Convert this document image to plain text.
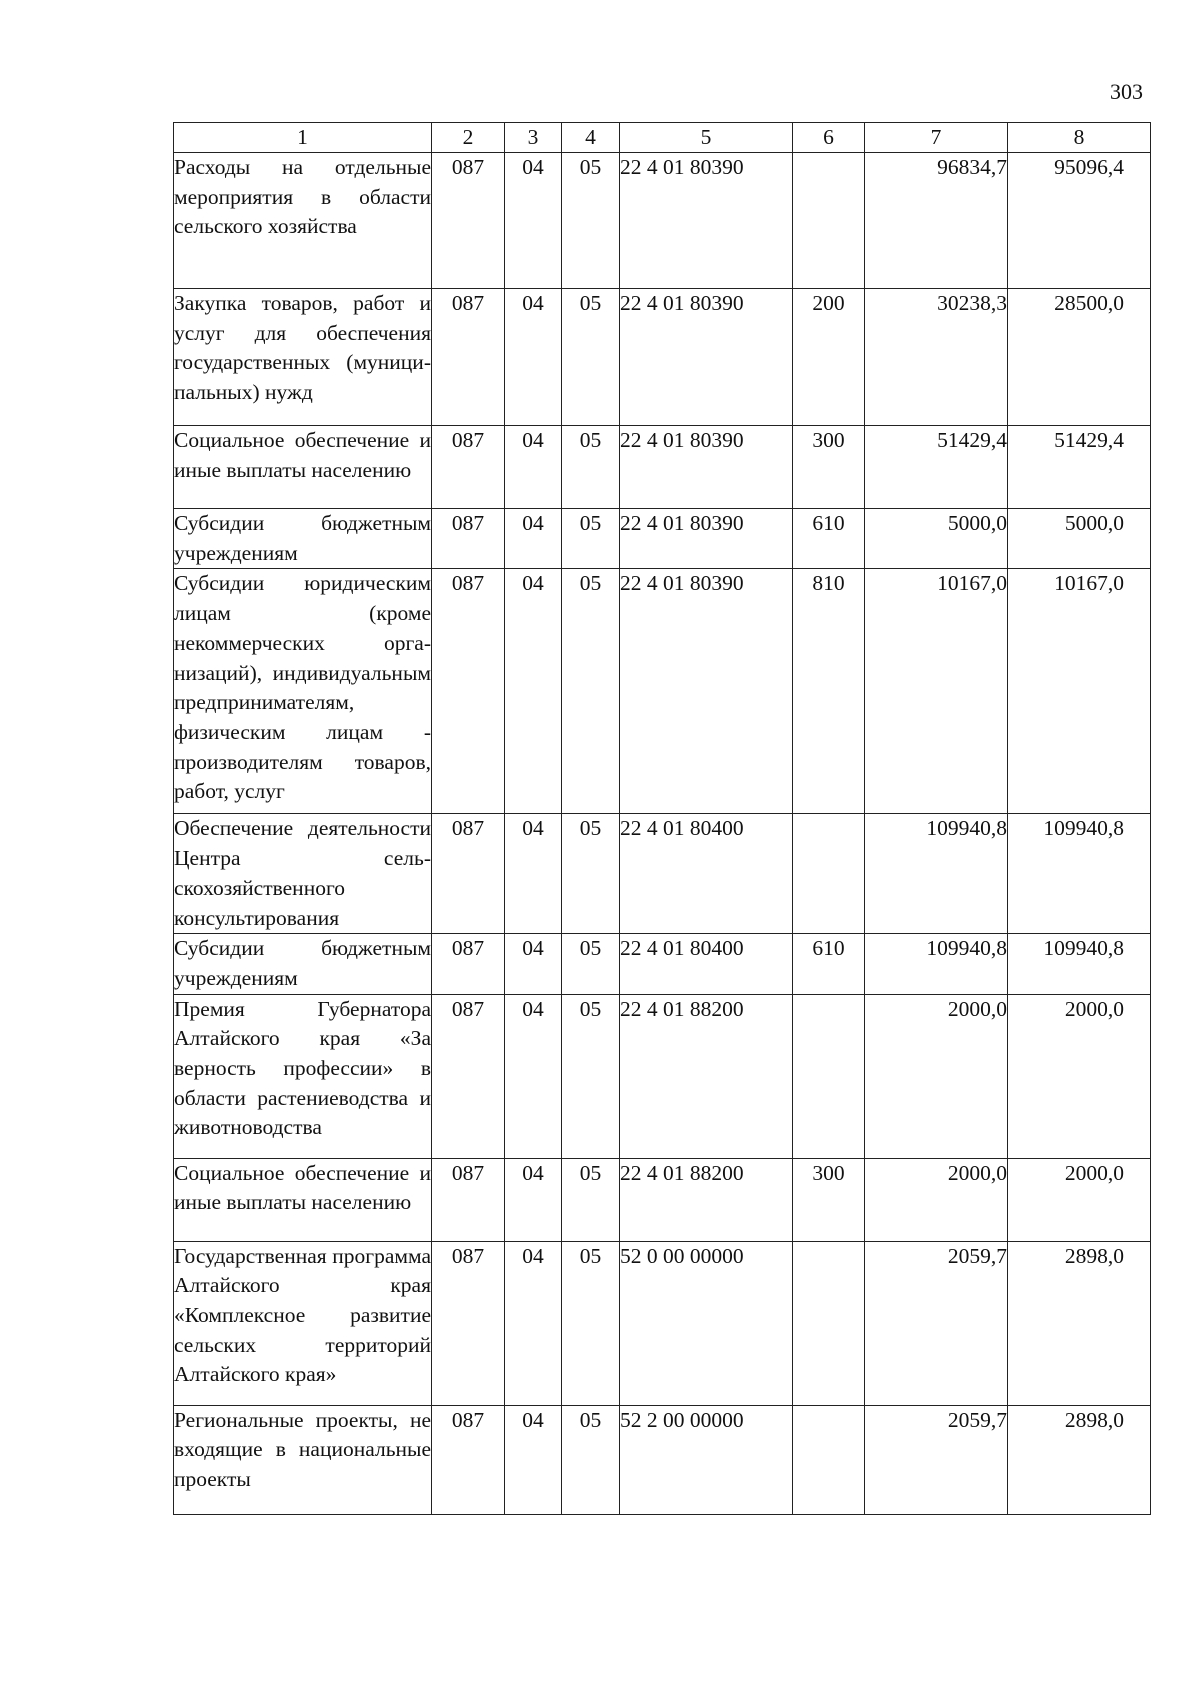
303
1	2	3	4	5	6	7	8
Расходы на отдельные мероприятия в области сельского хозяйства	087	04	05	22 4 01 80390		96834,7	95096,4
Закупка товаров, работ и услуг для обеспечения государственных (муниципальных) нужд	087	04	05	22 4 01 80390	200	30238,3	28500,0
Социальное обеспечение и иные выплаты населению	087	04	05	22 4 01 80390	300	51429,4	51429,4
Субсидии бюджетным учреждениям	087	04	05	22 4 01 80390	610	5000,0	5000,0
Субсидии юридическим лицам (кроме некоммерческих организаций), индивидуальным предпринимателям, физическим лицам - производителям товаров, работ, услуг	087	04	05	22 4 01 80390	810	10167,0	10167,0
Обеспечение деятельности Центра сельскохозяйственного консультирования	087	04	05	22 4 01 80400		109940,8	109940,8
Субсидии бюджетным учреждениям	087	04	05	22 4 01 80400	610	109940,8	109940,8
Премия Губернатора Алтайского края «За верность профессии» в области растениеводства и животноводства	087	04	05	22 4 01 88200		2000,0	2000,0
Социальное обеспечение и иные выплаты населению	087	04	05	22 4 01 88200	300	2000,0	2000,0
Государственная программа Алтайского края «Комплексное развитие сельских территорий Алтайского края»	087	04	05	52 0 00 00000		2059,7	2898,0
Региональные проекты, не входящие в национальные проекты	087	04	05	52 2 00 00000		2059,7	2898,0
